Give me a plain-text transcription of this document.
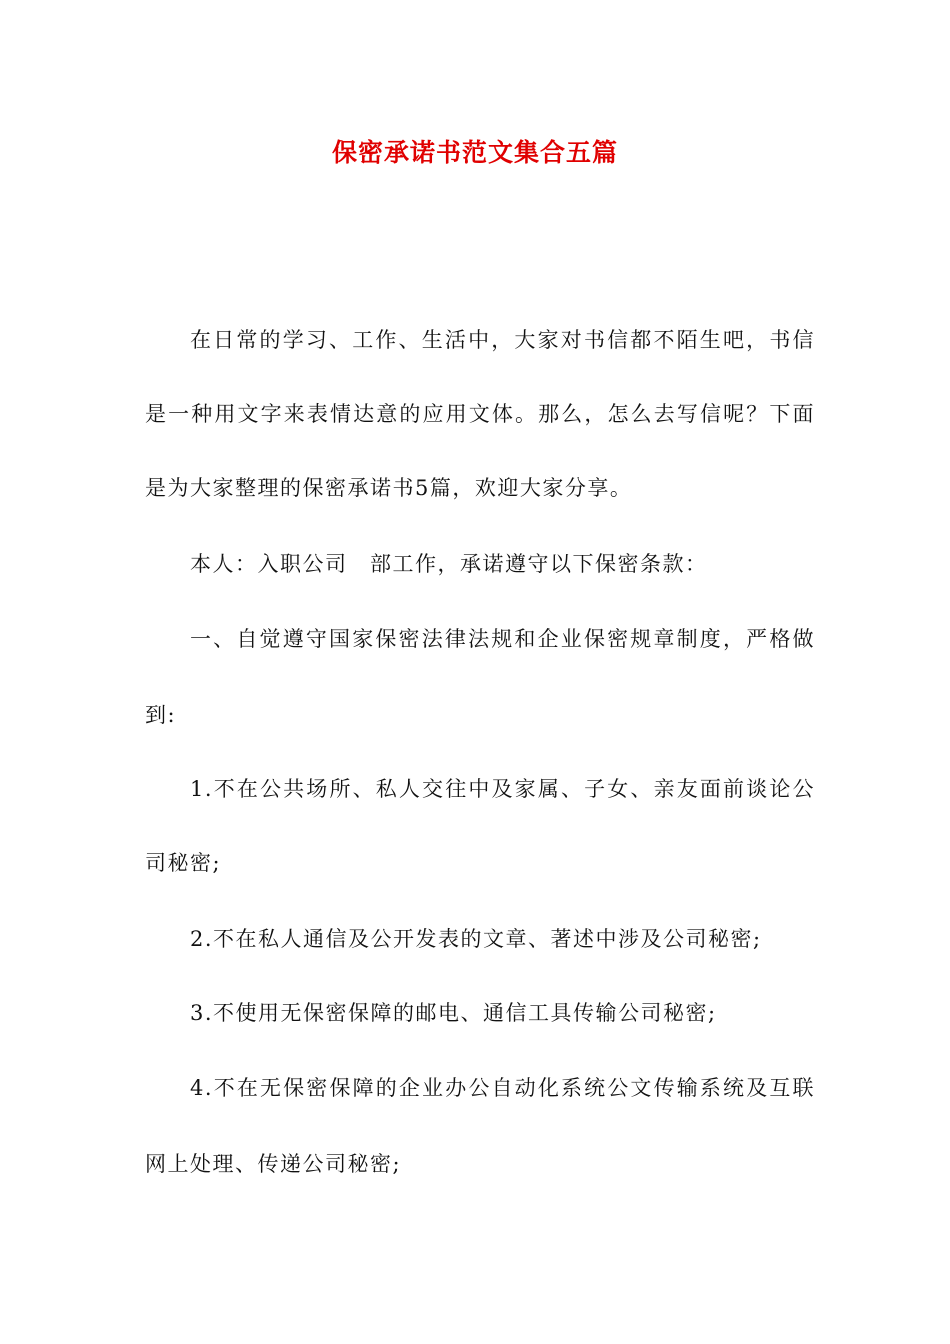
保密承诺书范文集合五篇
在日常的学习、工作、生活中，大家对书信都不陌生吧，书信
是一种用文字来表情达意的应用文体。那么，怎么去写信呢？下面
是为大家整理的保密承诺书5篇，欢迎大家分享。
本人：入职公司　部工作，承诺遵守以下保密条款：
一、自觉遵守国家保密法律法规和企业保密规章制度，严格做
到:
1.不在公共场所、私人交往中及家属、子女、亲友面前谈论公
司秘密;
2.不在私人通信及公开发表的文章、著述中涉及公司秘密;
3.不使用无保密保障的邮电、通信工具传输公司秘密;
4.不在无保密保障的企业办公自动化系统公文传输系统及互联
网上处理、传递公司秘密;
